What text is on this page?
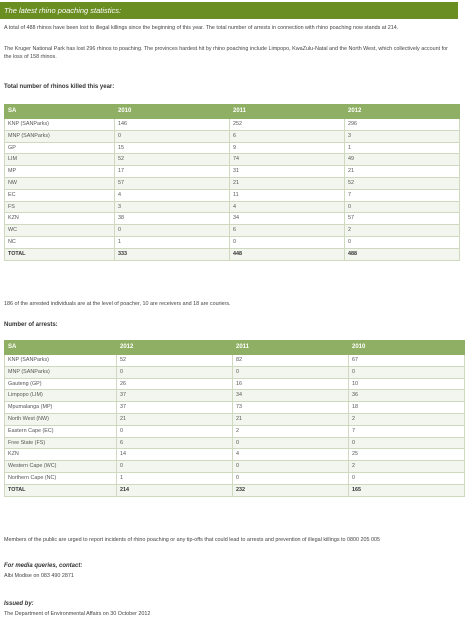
The latest rhino poaching statistics:
A total of 488 rhinos have been lost to illegal killings since the beginning of this year. The total number of arrests in connection with rhino poaching now stands at 214.
The Kruger National Park has lost 296 rhinos to poaching. The provinces hardest hit by rhino poaching include Limpopo, KwaZulu-Natal and the North West, which collectively account for the loss of 158 rhinos.
Total number of rhinos killed this year:
SA	2010	2011	2012
KNP (SANParks)	146	252	296
MNP (SANParks)	0	6	3
GP	15	9	1
LIM	52	74	49
MP	17	31	21
NW	57	21	52
EC	4	11	7
FS	3	4	0
KZN	38	34	57
WC	0	6	2
NC	1	0	0
TOTAL	333	448	488
186 of the arrested individuals are at the level of poacher, 10 are receivers and 18 are couriers.
Number of arrests:
SA	2012	2011	2010
KNP (SANParks)	52	82	67
MNP (SANParks)	0	0	0
Gauteng (GP)	26	16	10
Limpopo (LIM)	37	34	36
Mpumalanga (MP)	37	73	18
North West (NW)	21	21	2
Eastern Cape (EC)	0	2	7
Free State (FS)	6	0	0
KZN	14	4	25
Western Cape (WC)	0	0	2
Northern Cape (NC)	1	0	0
TOTAL	214	232	165
Members of the public are urged to report incidents of rhino poaching or any tip-offs that could lead to arrests and prevention of illegal killings to 0800 205 005
For media queries, contact:
Albi Modise on 083 490 2871
Issued by:
The Department of Environmental Affairs on 30 October 2012
